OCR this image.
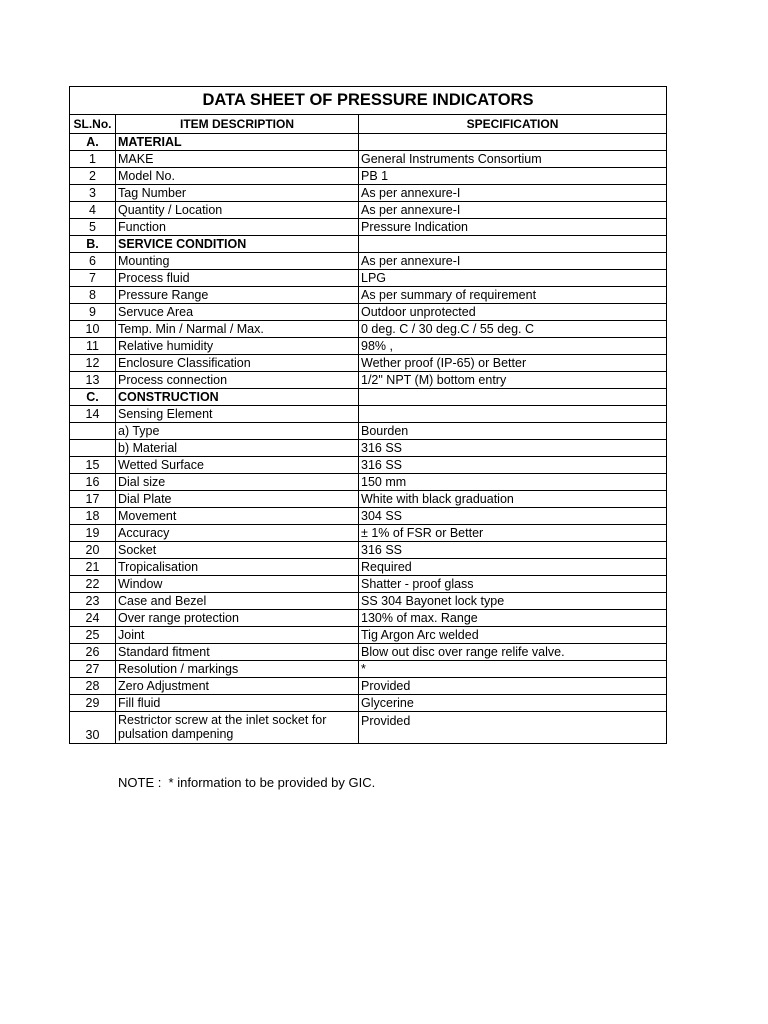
DATA SHEET OF PRESSURE INDICATORS		
SL.No.	ITEM DESCRIPTION	SPECIFICATION
A.	MATERIAL	
1	MAKE	General Instruments Consortium
2	Model No.	PB 1
3	Tag Number	As per annexure-I
4	Quantity / Location	As per annexure-I
5	Function	Pressure Indication
B.	SERVICE CONDITION	
6	Mounting	As per annexure-I
7	Process fluid	LPG
8	Pressure Range	As per summary of requirement
9	Servuce Area	Outdoor unprotected
10	Temp. Min / Narmal / Max.	0 deg. C / 30 deg.C / 55 deg. C
11	Relative humidity	98% ,
12	Enclosure Classification	Wether proof (IP-65) or Better
13	Process connection	1/2" NPT (M) bottom entry
C.	CONSTRUCTION	
14	Sensing Element	
	a) Type	Bourden
	b) Material	316 SS
15	Wetted Surface	316 SS
16	Dial size	150 mm
17	Dial Plate	White with black graduation
18	Movement	304 SS
19	Accuracy	± 1% of FSR or Better
20	Socket	316 SS
21	Tropicalisation	Required
22	Window	Shatter - proof glass
23	Case and Bezel	SS 304 Bayonet lock type
24	Over range protection	130% of max. Range
25	Joint	Tig Argon Arc welded
26	Standard fitment	Blow out disc over range relife valve.
27	Resolution / markings	*
28	Zero Adjustment	Provided
29	Fill fluid	Glycerine
30	Restrictor screw at the inlet socket for pulsation dampening	Provided
NOTE :  * information to be provided by GIC.
